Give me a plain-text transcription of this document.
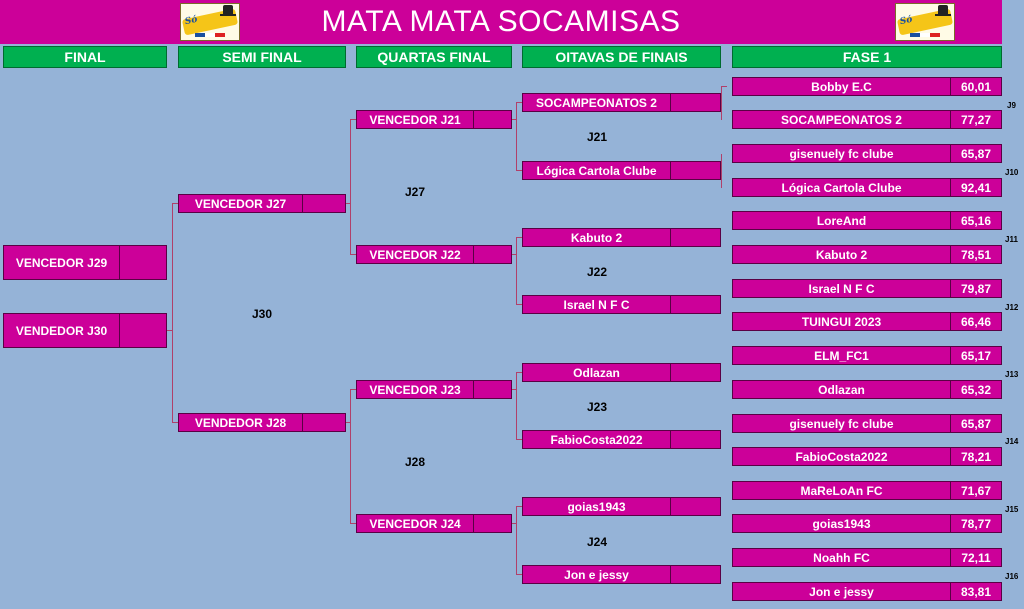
MATA MATA SOCAMISAS
Só	Só
FINAL	SEMI FINAL	QUARTAS FINAL	OITAVAS DE FINAIS	FASE 1
VENCEDOR J29
VENDEDOR J30
VENCEDOR J27
VENDEDOR J28
VENCEDOR J21
VENCEDOR J22
VENCEDOR J23
VENCEDOR J24
SOCAMPEONATOS 2
Lógica Cartola Clube
Kabuto 2
Israel N F C
Odlazan
FabioCosta2022
goias1943
Jon e jessy
Bobby E.C	60,01
SOCAMPEONATOS 2	77,27
gisenuely fc clube	65,87
Lógica Cartola Clube	92,41
LoreAnd	65,16
Kabuto 2	78,51
Israel N F C	79,87
TUINGUI 2023	66,46
ELM_FC1	65,17
Odlazan	65,32
gisenuely fc clube	65,87
FabioCosta2022	78,21
MaReLoAn FC	71,67
goias1943	78,77
Noahh FC	72,11
Jon e jessy	83,81
J9
J10
J11
J12
J13
J14
J15
J16
J21
J22
J23
J24
J27
J28
J30
